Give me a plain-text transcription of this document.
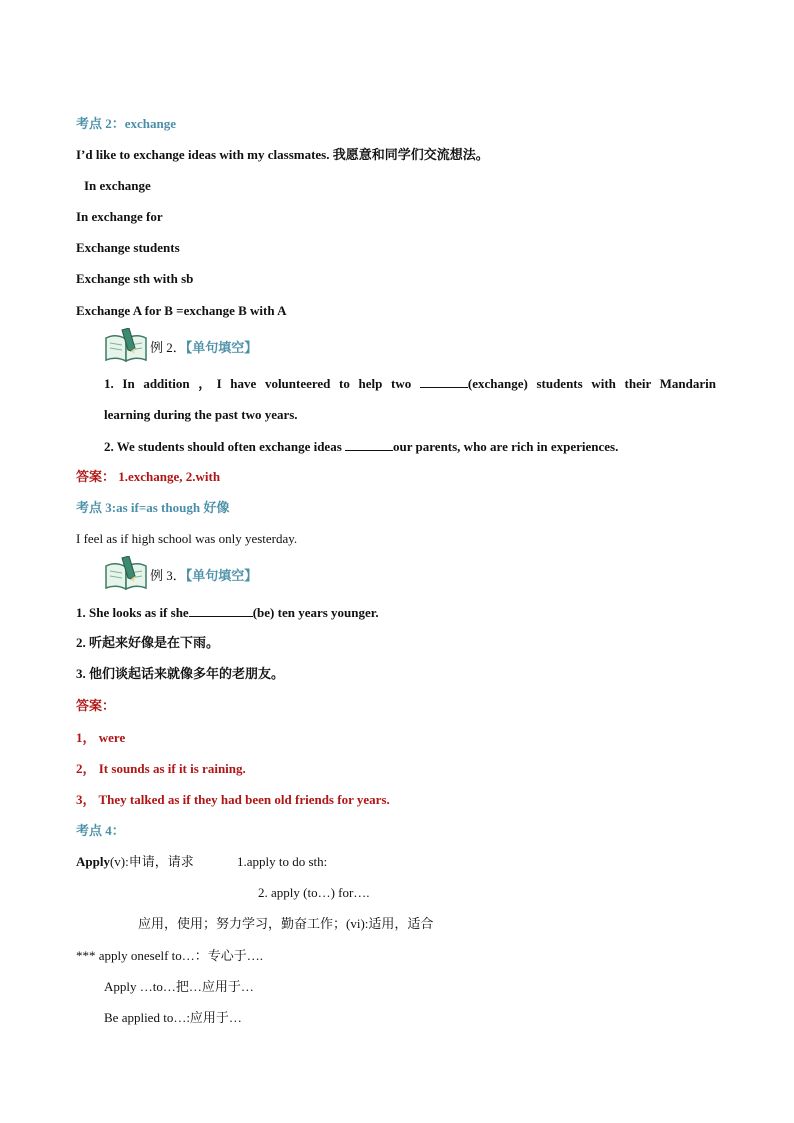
考点 2：exchange
I’d like to exchange ideas with my classmates. 我愿意和同学们交流想法。
In exchange
In exchange for
Exchange students
Exchange sth with sb
Exchange A for B =exchange B with A
例 2．【单句填空】
1. In addition ，I have volunteered to help two	(exchange) students with their Mandarin
learning during the past two years.
2. We students should often exchange ideas	our parents, who are rich in experiences.
答案： 1.exchange, 2.with
考点 3:as if=as though 好像
I feel as if high school was only yesterday.
例 3．【单句填空】
1. She looks as if she	(be) ten years younger.
2. 听起来好像是在下雨。
3. 他们谈起话来就像多年的老朋友。
答案：
1， were
2， It sounds as if it is raining.
3， They talked as if they had been old friends for years.
考点 4：
Apply(v):申请，请求	1.apply to do sth:
2. apply (to…) for….
应用，使用；努力学习，勤奋工作；(vi):适用，适合
*** apply oneself to…：专心于….
Apply …to…把…应用于…
Be applied to…:应用于…
